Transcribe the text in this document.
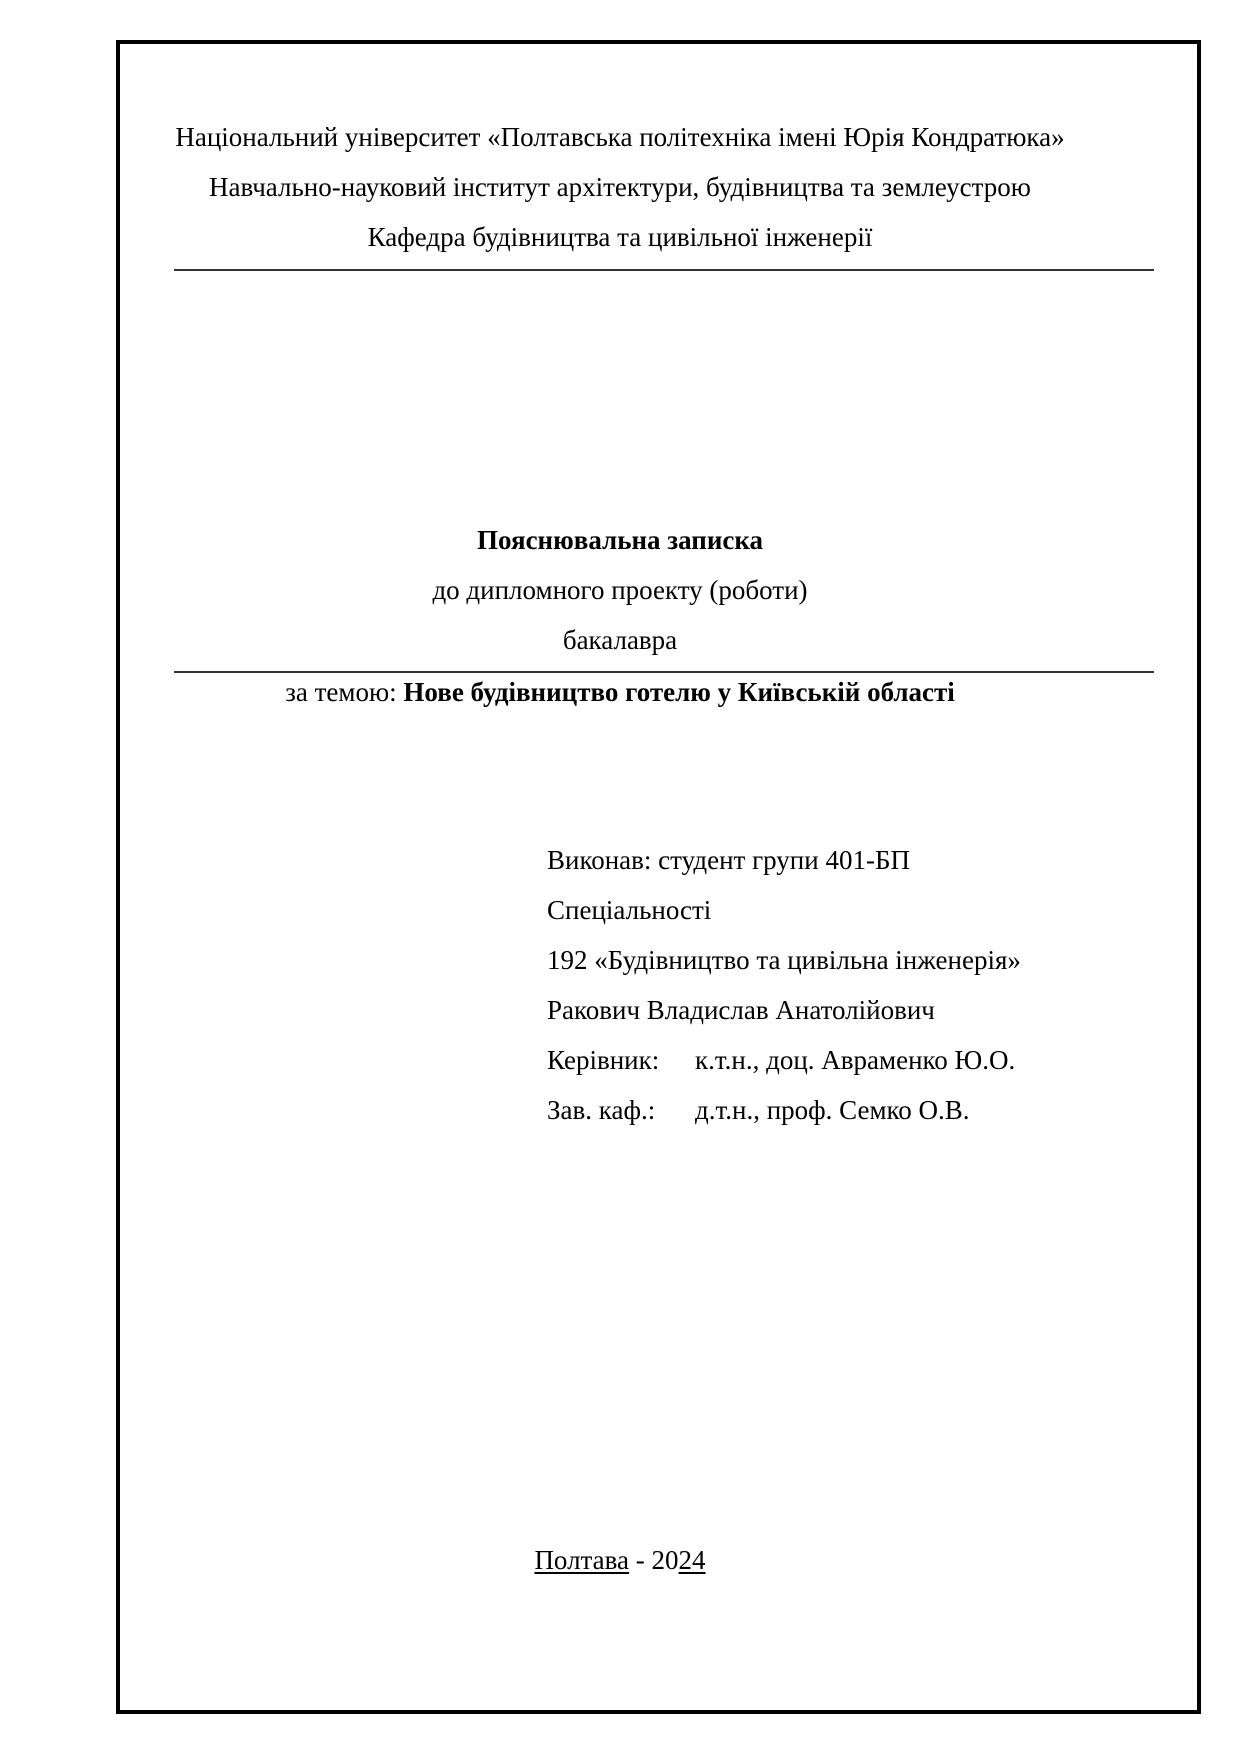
Національний університет «Полтавська політехніка імені Юрія Кондратюка»
Навчально-науковий інститут архітектури, будівництва та землеустрою
Кафедра будівництва та цивільної інженерії
Пояснювальна записка
до дипломного проекту (роботи)
бакалавра
за темою: Нове будівництво готелю у Київській області
Виконав: студент групи 401-БП
Спеціальності
192 «Будівництво та цивільна інженерія»
Ракович Владислав Анатолійович
Керівник: к.т.н., доц. Авраменко Ю.О.
Зав. каф.: д.т.н., проф. Семко О.В.
Полтава - 2024
